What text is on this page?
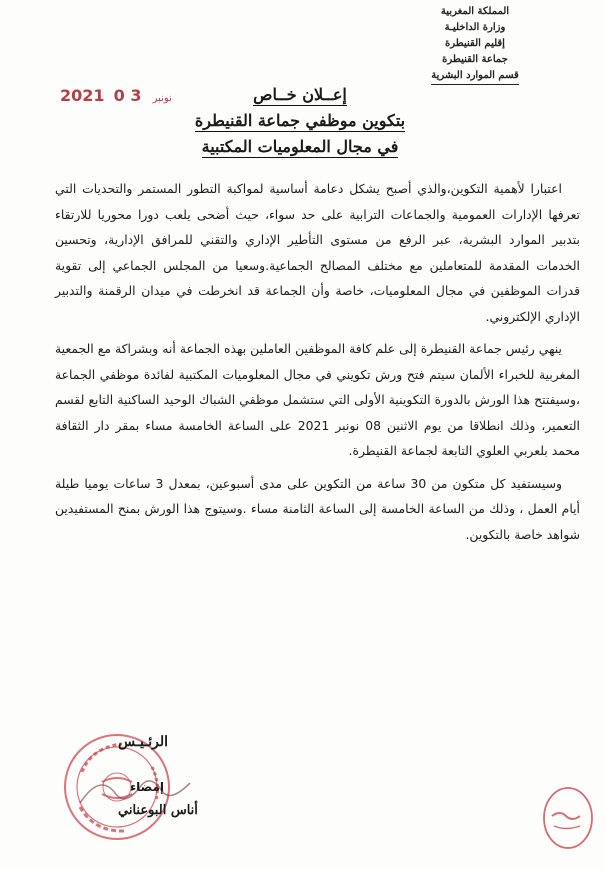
المملكة المغربية
وزارة الداخليـة
إقليم القنيطرة
جماعة القنيطرة
قسم الموارد البشرية
2021	نونبر 3 0	إعــلان خــاص
بتكوين موظفي جماعة القنيطرة
في مجال المعلوميات المكتبية

اعتبارا لأهمية التكوين،والذي أصبح يشكل دعامة أساسية لمواكبة التطور المستمر والتحديات التي تعرفها الإدارات العمومية والجماعات الترابية على حد سواء، حيث أضحى يلعب دورا محوريا للارتقاء بتدبير الموارد البشرية، عبر الرفع من مستوى التأطير الإداري والتقني للمرافق الإدارية، وتحسين الخدمات المقدمة للمتعاملين مع مختلف المصالح الجماعية.وسعيا من المجلس الجماعي إلى تقوية قدرات الموظفين في مجال المعلوميات، خاصة وأن الجماعة قد انخرطت في ميدان الرقمنة والتدبير الإداري الإلكتروني.

ينهي رئيس جماعة القنيطرة إلى علم كافة الموظفين العاملين بهذه الجماعة أنه وبشراكة مع الجمعية المغربية للخبراء الألمان سيتم فتح ورش تكويني في مجال المعلوميات المكتبية لفائدة موظفي الجماعة ،وسيفتتح هذا الورش بالدورة التكوينية الأولى التي ستشمل موظفي الشباك الوحيد الساكنية التابع لقسم التعمير، وذلك انطلاقا من يوم الاثنين 08 نونبر 2021 على الساعة الخامسة مساء بمقر دار الثقافة محمد بلعربي العلوي التابعة لجماعة القنيطرة.

وسيستفيد كل متكون من 30 ساعة من التكوين على مدى أسبوعين، بمعدل 3 ساعات يوميا طيلة أيام العمل ، وذلك من الساعة الخامسة إلى الساعة الثامنة مساء .وسيتوج هذا الورش بمنح المستفيدين شواهد خاصة بالتكوين.

الرئـيـس
إمضاء
أناس البوعناني
